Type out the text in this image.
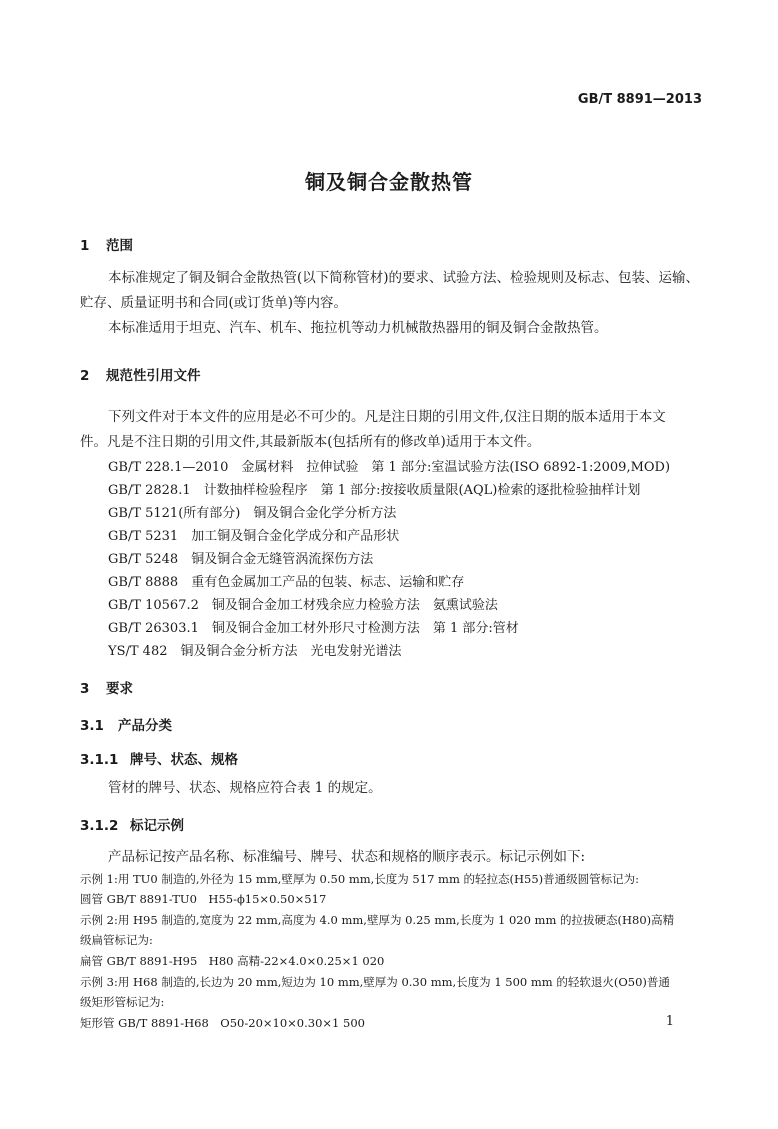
GB/T 8891—2013
铜及铜合金散热管
1 范围
本标准规定了铜及铜合金散热管(以下简称管材)的要求、试验方法、检验规则及标志、包装、运输、
贮存、质量证明书和合同(或订货单)等内容。
本标准适用于坦克、汽车、机车、拖拉机等动力机械散热器用的铜及铜合金散热管。
2 规范性引用文件
下列文件对于本文件的应用是必不可少的。凡是注日期的引用文件,仅注日期的版本适用于本文
件。凡是不注日期的引用文件,其最新版本(包括所有的修改单)适用于本文件。
GB/T 228.1—2010　金属材料　拉伸试验　第 1 部分:室温试验方法(ISO 6892-1:2009,MOD)
GB/T 2828.1　计数抽样检验程序　第 1 部分:按接收质量限(AQL)检索的逐批检验抽样计划
GB/T 5121(所有部分)　铜及铜合金化学分析方法
GB/T 5231　加工铜及铜合金化学成分和产品形状
GB/T 5248　铜及铜合金无缝管涡流探伤方法
GB/T 8888　重有色金属加工产品的包装、标志、运输和贮存
GB/T 10567.2　铜及铜合金加工材残余应力检验方法　氨熏试验法
GB/T 26303.1　铜及铜合金加工材外形尺寸检测方法　第 1 部分:管材
YS/T 482　铜及铜合金分析方法　光电发射光谱法
3 要求
3.1 产品分类
3.1.1 牌号、状态、规格
管材的牌号、状态、规格应符合表 1 的规定。
3.1.2 标记示例
产品标记按产品名称、标准编号、牌号、状态和规格的顺序表示。标记示例如下:
示例 1:用 TU0 制造的,外径为 15 mm,壁厚为 0.50 mm,长度为 517 mm 的轻拉态(H55)普通级圆管标记为:
圆管 GB/T 8891-TU0　H55-ϕ15×0.50×517
示例 2:用 H95 制造的,宽度为 22 mm,高度为 4.0 mm,壁厚为 0.25 mm,长度为 1 020 mm 的拉拔硬态(H80)高精
级扁管标记为:
扁管 GB/T 8891-H95　H80 高精-22×4.0×0.25×1 020
示例 3:用 H68 制造的,长边为 20 mm,短边为 10 mm,壁厚为 0.30 mm,长度为 1 500 mm 的轻软退火(O50)普通
级矩形管标记为:
矩形管 GB/T 8891-H68　O50-20×10×0.30×1 500	1
